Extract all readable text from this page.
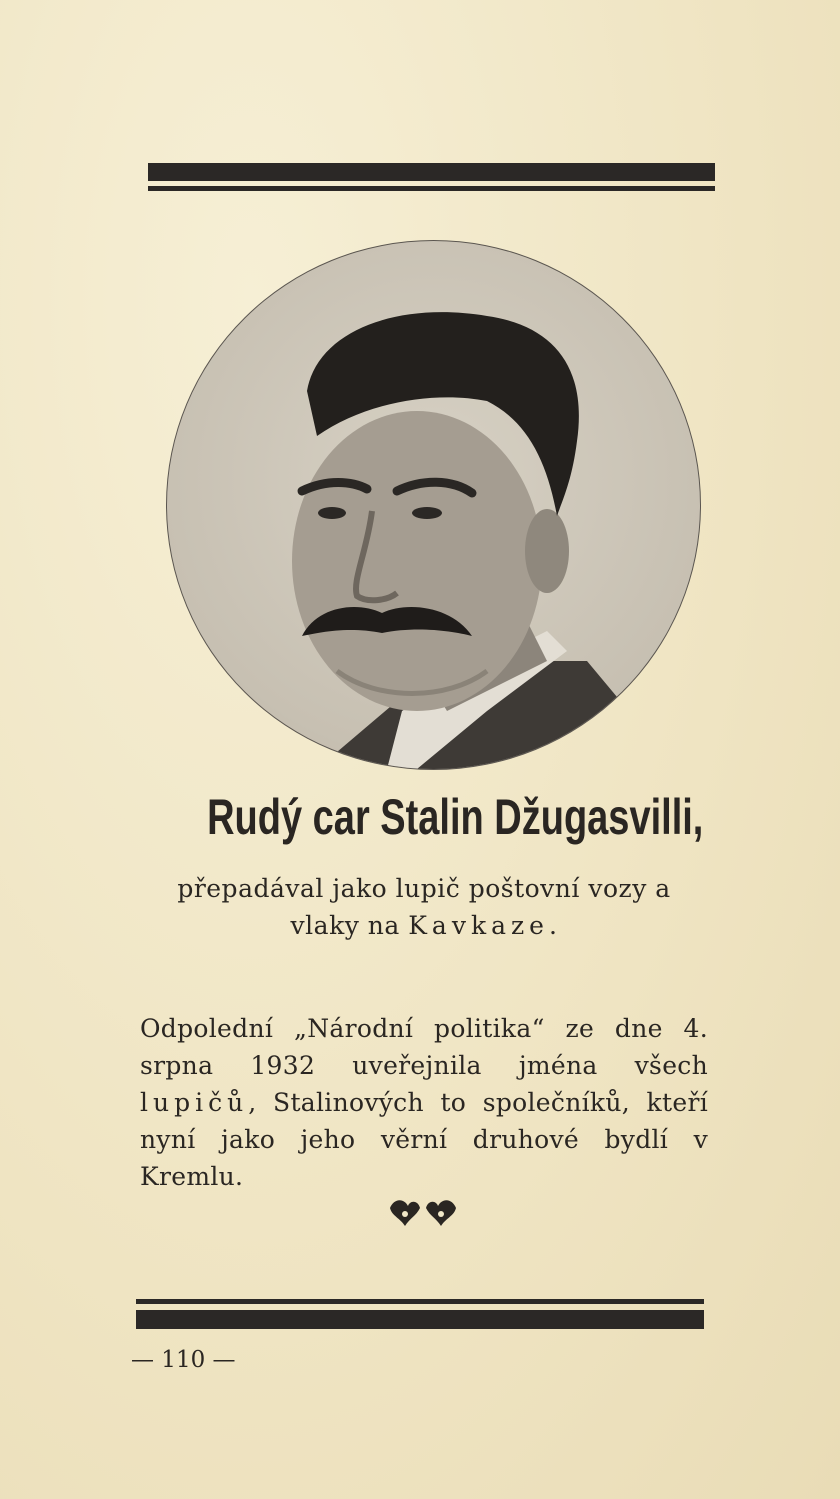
Rudý car Stalin Džugasvilli,
přepadával jako lupič poštovní vozy a
vlaky na Kavkaze.
Odpolední „Národní politika“ ze dne 4. srpna 1932 uveřejnila jména všech lupičů, Stalinových to společníků, kteří nyní jako jeho věrní druhové bydlí v Kremlu.
— 110 —
